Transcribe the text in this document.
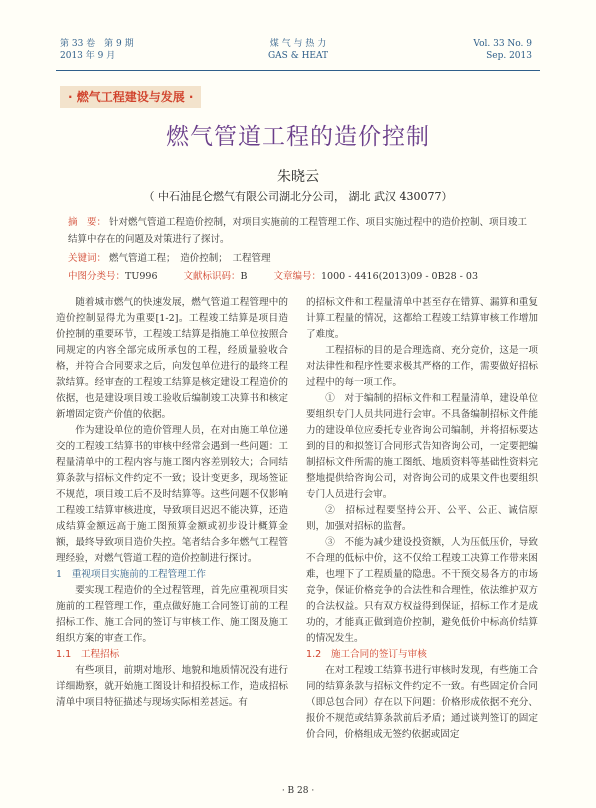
第 33 卷　第 9 期
2013 年 9 月
煤 气 与 热 力
GAS & HEAT
Vol. 33 No. 9
Sep. 2013
· 燃气工程建设与发展 ·
燃气管道工程的造价控制
朱晓云
（ 中石油昆仑燃气有限公司湖北分公司， 湖北 武汉 430077）
摘　要： 针对燃气管道工程造价控制，对项目实施前的工程管理工作、项目实施过程中的造价控制、项目竣工结算中存在的问题及对策进行了探讨。
关键词： 燃气管道工程；　造价控制；　工程管理
中图分类号：TU996	文献标识码：B	文章编号：1000 - 4416(2013)09 - 0B28 - 03

随着城市燃气的快速发展，燃气管道工程管理中的造价控制显得尤为重要[1-2]。工程竣工结算是项目造价控制的重要环节，工程竣工结算是指施工单位按照合同规定的内容全部完成所承包的工程，经质量验收合格，并符合合同要求之后，向发包单位进行的最终工程款结算。经审查的工程竣工结算是核定建设工程造价的依据，也是建设项目竣工验收后编制竣工决算书和核定新增固定资产价值的依据。

作为建设单位的造价管理人员，在对由施工单位递交的工程竣工结算书的审核中经常会遇到一些问题：工程量清单中的工程内容与施工图内容差别较大；合同结算条款与招标文件约定不一致；设计变更多，现场签证不规范，项目竣工后不及时结算等。这些问题不仅影响工程竣工结算审核进度，导致项目迟迟不能决算，还造成结算金额远高于施工图预算金额或初步设计概算金额，最终导致项目造价失控。笔者结合多年燃气工程管理经验，对燃气管道工程的造价控制进行探讨。

1　重视项目实施前的工程管理工作

要实现工程造价的全过程管理，首先应重视项目实施前的工程管理工作，重点做好施工合同签订前的工程招标工作、施工合同的签订与审核工作、施工图及施工组织方案的审查工作。

1.1　工程招标

有些项目，前期对地形、地貌和地质情况没有进行详细勘察，就开始施工图设计和招投标工作，造成招标清单中项目特征描述与现场实际相差甚远。有

的招标文件和工程量清单中甚至存在错算、漏算和重复计算工程量的情况，这都给工程竣工结算审核工作增加了难度。

工程招标的目的是合理选商、充分竞价，这是一项对法律性和程序性要求极其严格的工作，需要做好招标过程中的每一项工作。

①　对于编制的招标文件和工程量清单，建设单位要组织专门人员共同进行会审。不具备编制招标文件能力的建设单位应委托专业咨询公司编制，并将招标要达到的目的和拟签订合同形式告知咨询公司，一定要把编制招标文件所需的施工图纸、地质资料等基础性资料完整地提供给咨询公司，对咨询公司的成果文件也要组织专门人员进行会审。

②　招标过程要坚持公开、公平、公正、诚信原则，加强对招标的监督。

③　不能为减少建设投资额，人为压低压价，导致不合理的低标中价，这不仅给工程竣工决算工作带来困难，也埋下了工程质量的隐患。不干预交易各方的市场竞争，保证价格竞争的合法性和合理性，依法维护双方的合法权益。只有双方权益得到保证，招标工作才是成功的，才能真正做到造价控制，避免低价中标高价结算的情况发生。

1.2　施工合同的签订与审核

在对工程竣工结算书进行审核时发现，有些施工合同的结算条款与招标文件约定不一致。有些固定价合同（即总包合同）存在以下问题：价格形成依据不充分、报价不规范或结算条款前后矛盾；通过谈判签订的固定价合同，价格组成无签约依据或固定

· B 28 ·
